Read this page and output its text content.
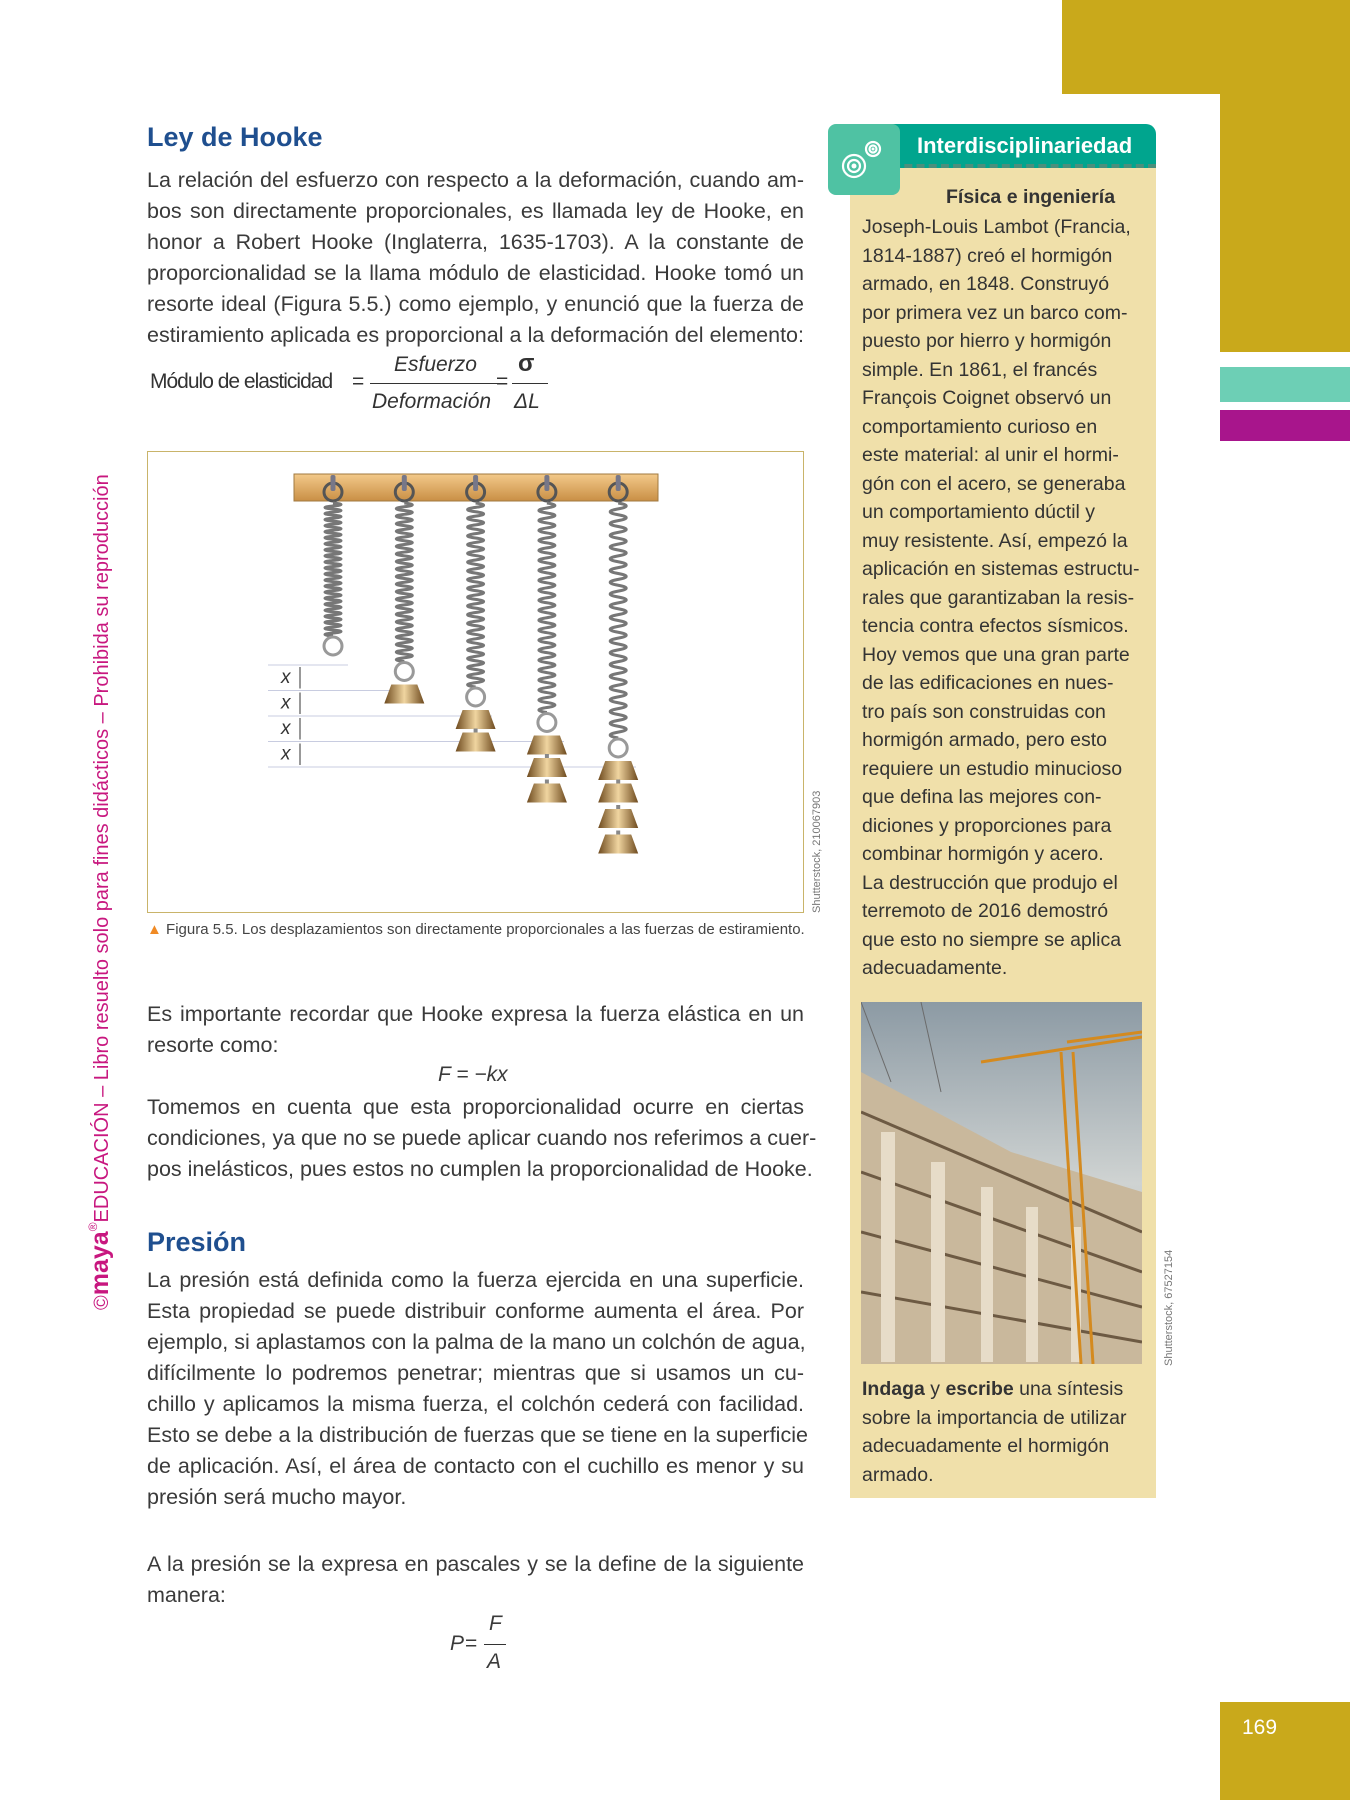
169
©maya®EDUCACIÓN – Libro resuelto solo para fines didácticos – Prohibida su reproducción
Ley de Hooke
La relación del esfuerzo con respecto a la deformación, cuando am-
bos son directamente proporcionales, es llamada ley de Hooke, en
honor a Robert Hooke (Inglaterra, 1635-1703). A la constante de
proporcionalidad se la llama módulo de elasticidad. Hooke tomó un
resorte ideal (Figura 5.5.) como ejemplo, y enunció que la fuerza de
estiramiento aplicada es proporcional a la deformación del elemento:
Módulo de elasticidad =
Esfuerzo
Deformación
=
σ
ΔL
x
x
x
x
Shutterstock, 210067903
▲ Figura 5.5. Los desplazamientos son directamente proporcionales a las fuerzas de estiramiento.
Es importante recordar que Hooke expresa la fuerza elástica en un
resorte como:
F = −kx
Tomemos en cuenta que esta proporcionalidad ocurre en ciertas
condiciones, ya que no se puede aplicar cuando nos referimos a cuer-
pos inelásticos, pues estos no cumplen la proporcionalidad de Hooke.
Presión
La presión está definida como la fuerza ejercida en una superficie.
Esta propiedad se puede distribuir conforme aumenta el área. Por
ejemplo, si aplastamos con la palma de la mano un colchón de agua,
difícilmente lo podremos penetrar; mientras que si usamos un cu-
chillo y aplicamos la misma fuerza, el colchón cederá con facilidad.
Esto se debe a la distribución de fuerzas que se tiene en la superficie
de aplicación. Así, el área de contacto con el cuchillo es menor y su
presión será mucho mayor.
A la presión se la expresa en pascales y se la define de la siguiente
manera:
P =
F
A
Interdisciplinariedad
Física e ingeniería
Joseph-Louis Lambot (Francia,
1814-1887) creó el hormigón
armado, en 1848. Construyó
por primera vez un barco com-
puesto por hierro y hormigón
simple. En 1861, el francés
François Coignet observó un
comportamiento curioso en
este material: al unir el hormi-
gón con el acero, se generaba
un comportamiento dúctil y
muy resistente. Así, empezó la
aplicación en sistemas estructu-
rales que garantizaban la resis-
tencia contra efectos sísmicos.
Hoy vemos que una gran parte
de las edificaciones en nues-
tro país son construidas con
hormigón armado, pero esto
requiere un estudio minucioso
que defina las mejores con-
diciones y proporciones para
combinar hormigón y acero.
La destrucción que produjo el
terremoto de 2016 demostró
que esto no siempre se aplica
adecuadamente.
Shutterstock, 67527154
Indaga y escribe una síntesis
sobre la importancia de utilizar
adecuadamente el hormigón
armado.
